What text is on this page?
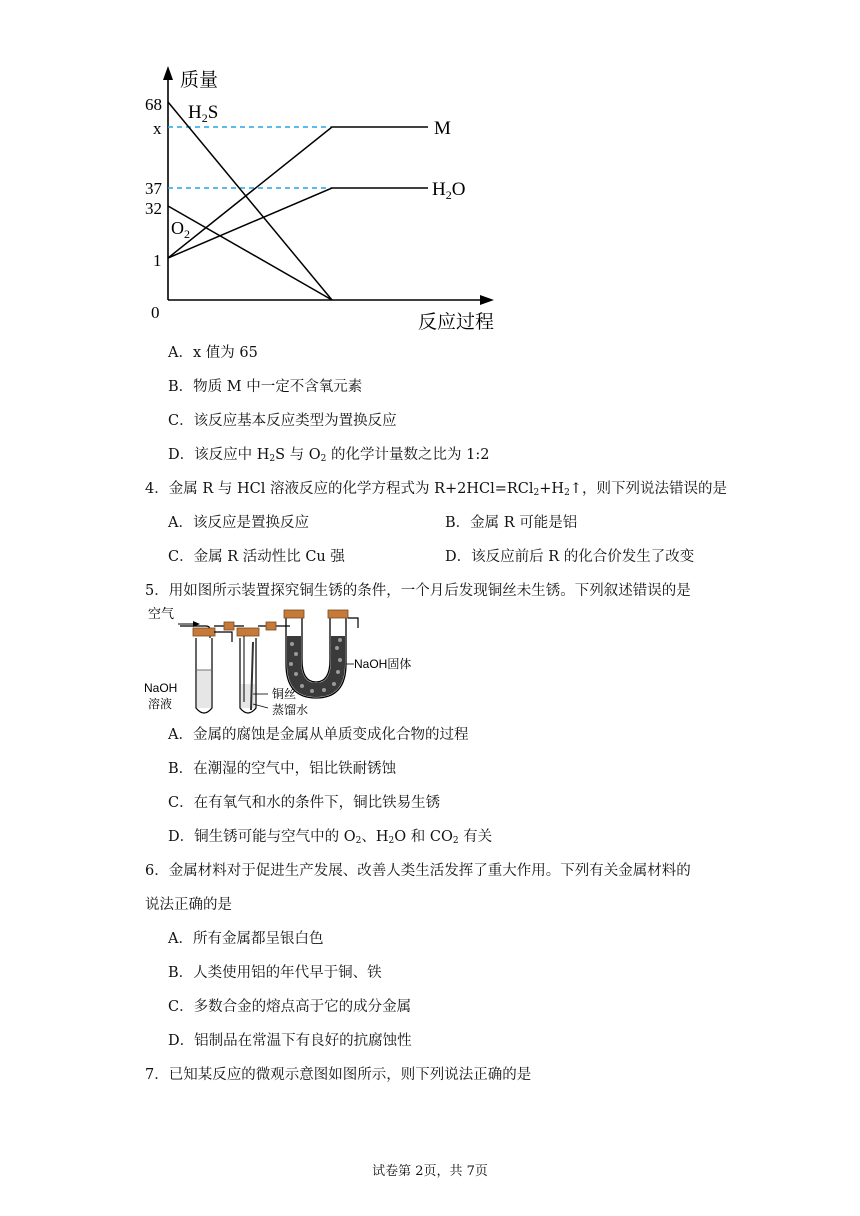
质量
反应过程
68
x
37
32
1
0
$H_2S$
$O_2$
M
$H_2O$
A．x 值为 65
B．物质 M 中一定不含氧元素
C．该反应基本反应类型为置换反应
D．该反应中 $H_2S$ 与 $O_2$ 的化学计量数之比为 1:2
4．金属 R 与 HCl 溶液反应的化学方程式为 $R+2HCl=RCl_2+H_2↑$，则下列说法错误的是
A．该反应是置换反应	B．金属 R 可能是铝
C．金属 R 活动性比 Cu 强	D．该反应前后 R 的化合价发生了改变
5．用如图所示装置探究铜生锈的条件，一个月后发现铜丝未生锈。下列叙述错误的是
空气
NaOH固体
NaOH
溶液
铜丝
蒸馏水
A．金属的腐蚀是金属从单质变成化合物的过程
B．在潮湿的空气中，铝比铁耐锈蚀
C．在有氧气和水的条件下，铜比铁易生锈
D．铜生锈可能与空气中的 $O_2$、$H_2O$ 和 $CO_2$ 有关
6．金属材料对于促进生产发展、改善人类生活发挥了重大作用。下列有关金属材料的
说法正确的是
A．所有金属都呈银白色
B．人类使用铝的年代早于铜、铁
C．多数合金的熔点高于它的成分金属
D．铝制品在常温下有良好的抗腐蚀性
7．已知某反应的微观示意图如图所示，则下列说法正确的是
试卷第 2页，共 7页
